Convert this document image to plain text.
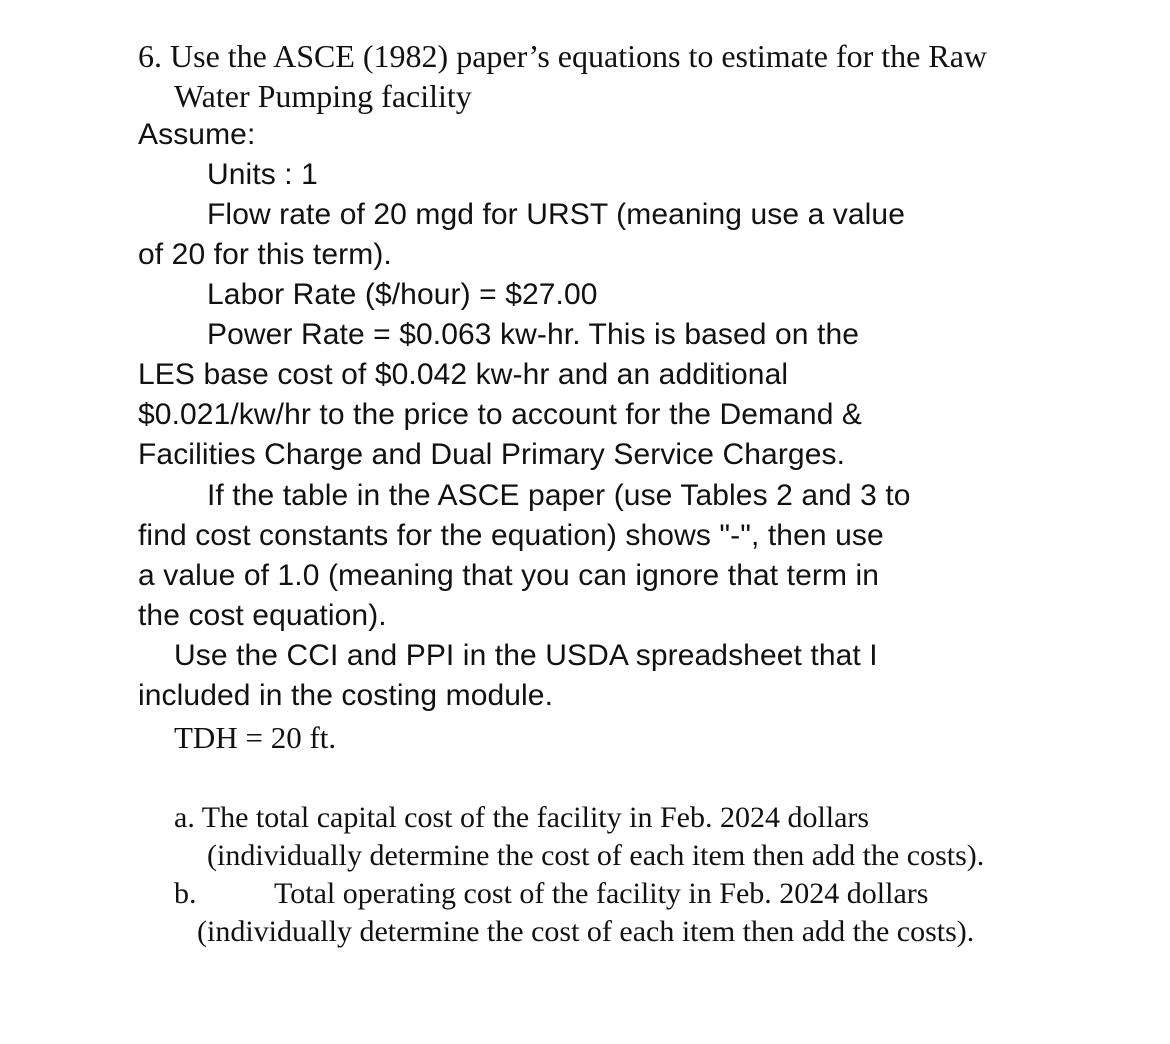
6. Use the ASCE (1982) paper’s equations to estimate for the Raw
Water Pumping facility
Assume:
Units : 1
Flow rate of 20 mgd for URST (meaning use a value
of 20 for this term).
Labor Rate ($/hour) = $27.00
Power Rate = $0.063 kw-hr. This is based on the
LES base cost of $0.042 kw-hr and an additional
$0.021/kw/hr to the price to account for the Demand &
Facilities Charge and Dual Primary Service Charges.
If the table in the ASCE paper (use Tables 2 and 3 to
find cost constants for the equation) shows "-", then use
a value of 1.0 (meaning that you can ignore that term in
the cost equation).
Use the CCI and PPI in the USDA spreadsheet that I
included in the costing module.
TDH = 20 ft.
a. The total capital cost of the facility in Feb. 2024 dollars
(individually determine the cost of each item then add the costs).
b.	Total operating cost of the facility in Feb. 2024 dollars
(individually determine the cost of each item then add the costs).
